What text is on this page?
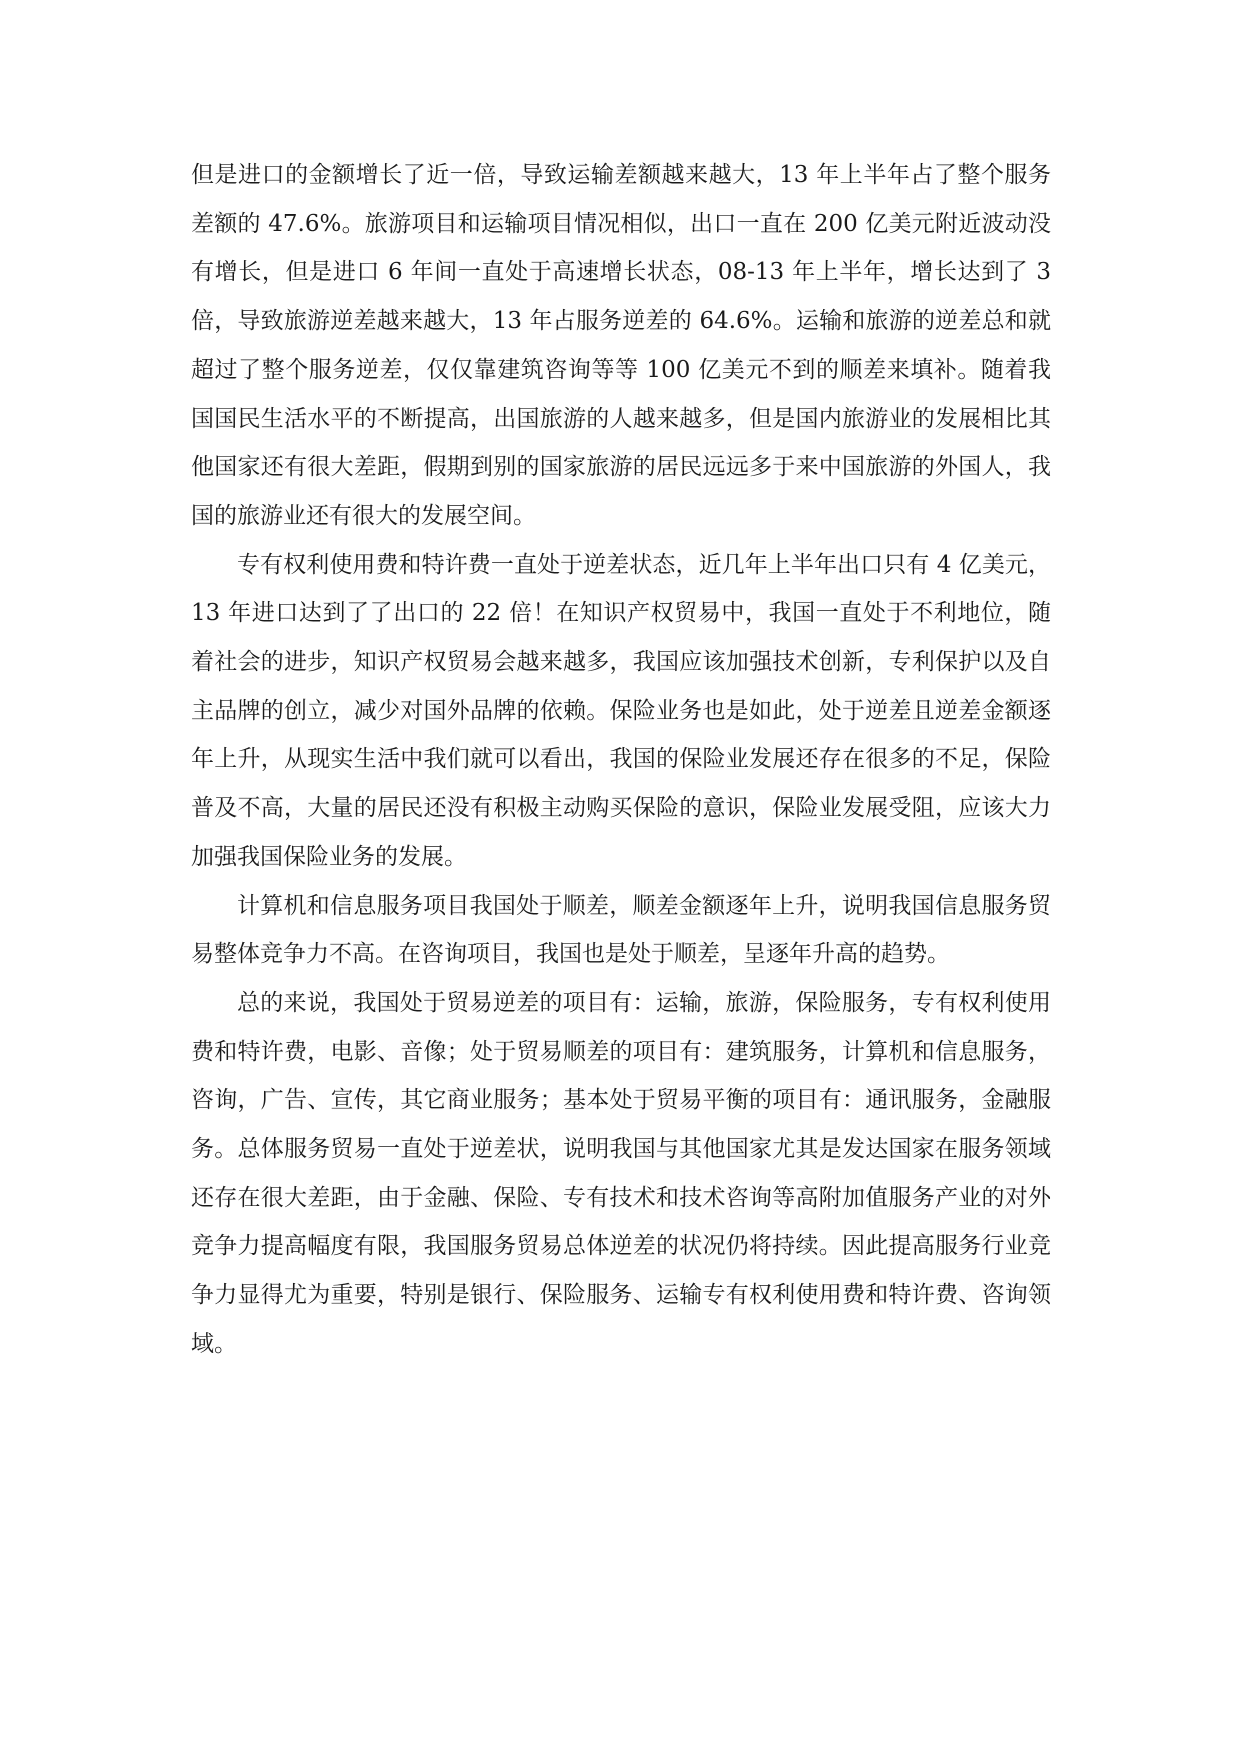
但是进口的金额增长了近一倍，导致运输差额越来越大，13 年上半年占了整个服务差额的 47.6%。旅游项目和运输项目情况相似，出口一直在 200 亿美元附近波动没有增长，但是进口 6 年间一直处于高速增长状态，08-13 年上半年，增长达到了 3 倍，导致旅游逆差越来越大，13 年占服务逆差的 64.6%。运输和旅游的逆差总和就超过了整个服务逆差，仅仅靠建筑咨询等等 100 亿美元不到的顺差来填补。随着我国国民生活水平的不断提高，出国旅游的人越来越多，但是国内旅游业的发展相比其他国家还有很大差距，假期到别的国家旅游的居民远远多于来中国旅游的外国人，我国的旅游业还有很大的发展空间。

专有权利使用费和特许费一直处于逆差状态，近几年上半年出口只有 4 亿美元，13 年进口达到了了出口的 22 倍！在知识产权贸易中，我国一直处于不利地位，随着社会的进步，知识产权贸易会越来越多，我国应该加强技术创新，专利保护以及自主品牌的创立，减少对国外品牌的依赖。保险业务也是如此，处于逆差且逆差金额逐年上升，从现实生活中我们就可以看出，我国的保险业发展还存在很多的不足，保险普及不高，大量的居民还没有积极主动购买保险的意识，保险业发展受阻，应该大力加强我国保险业务的发展。

计算机和信息服务项目我国处于顺差，顺差金额逐年上升，说明我国信息服务贸易整体竞争力不高。在咨询项目，我国也是处于顺差，呈逐年升高的趋势。

总的来说，我国处于贸易逆差的项目有：运输，旅游，保险服务，专有权利使用费和特许费，电影、音像；处于贸易顺差的项目有：建筑服务，计算机和信息服务，咨询，广告、宣传，其它商业服务；基本处于贸易平衡的项目有：通讯服务，金融服务。总体服务贸易一直处于逆差状，说明我国与其他国家尤其是发达国家在服务领域还存在很大差距，由于金融、保险、专有技术和技术咨询等高附加值服务产业的对外竞争力提高幅度有限，我国服务贸易总体逆差的状况仍将持续。因此提高服务行业竞争力显得尤为重要，特别是银行、保险服务、运输专有权利使用费和特许费、咨询领域。
